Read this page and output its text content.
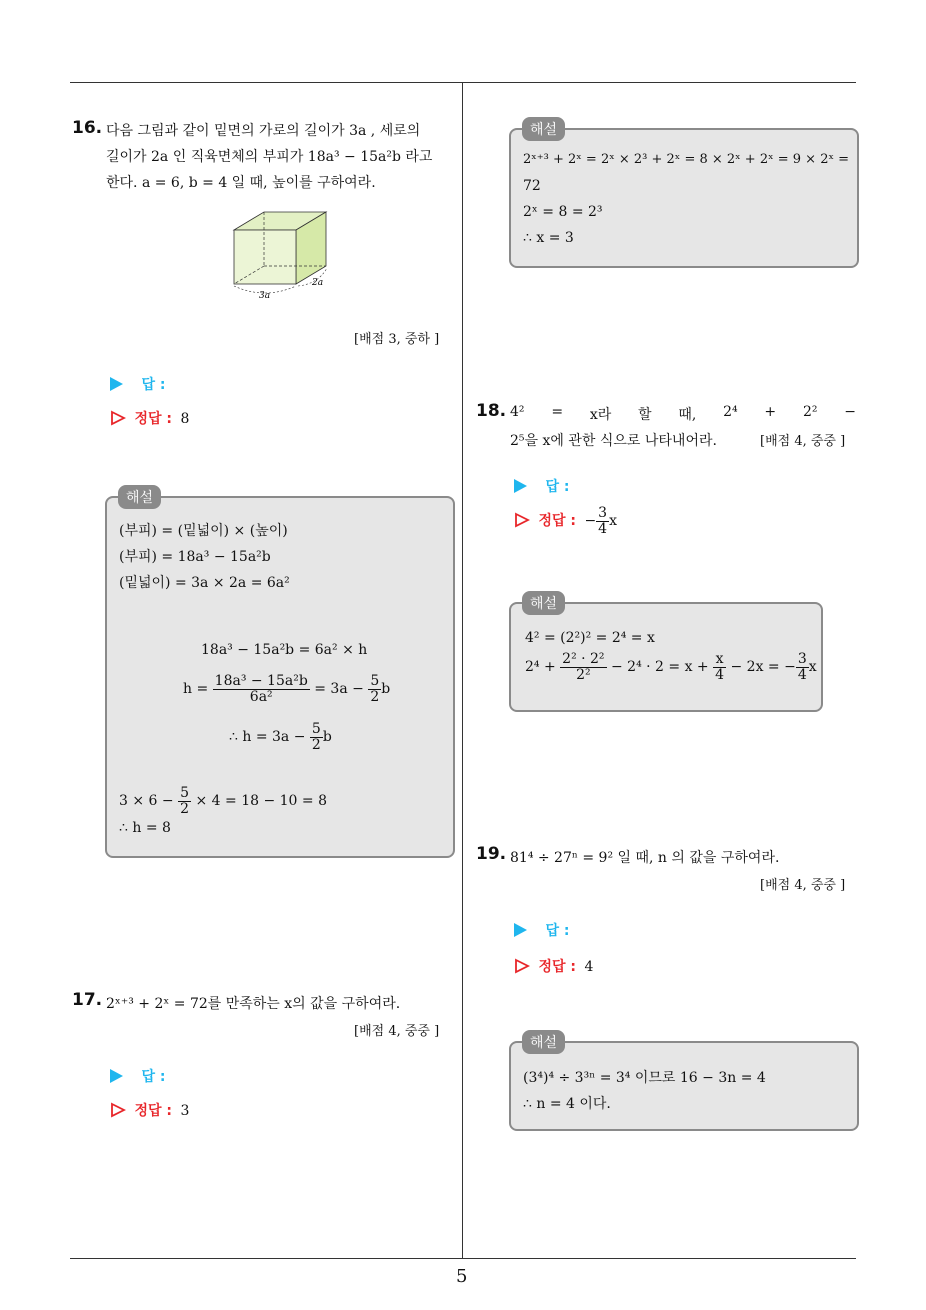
5
16. 다음 그림과 같이 밑면의 가로의 길이가 3a , 세로의
길이가 2a 인 직육면체의 부피가 18a³ − 15a²b 라고
한다. a = 6, b = 4 일 때, 높이를 구하여라.
3a
2a
[배점 3, 중하 ]
답 :
정답 : 8
(부피) = (밑넓이) × (높이)
(부피) = 18a³ − 15a²b
(밑넓이) = 3a × 2a = 6a²
18a³ − 15a²b = 6a² × h
$h = \frac{\text{18a³ − 15a²b}}{\text{6a²}} = 3a - \frac{5}{2}$ b
∴ $h = 3a - \frac{5}{2}$ b
$3 \times 6 - \frac{5}{2} \times 4 = 18 - 10 = 8$
∴ h = 8
해설
17. 2ˣ⁺³ + 2ˣ = 72를 만족하는 x의 값을 구하여라.
[배점 4, 중중 ]
답 :
정답 : 3
2ˣ⁺³ + 2ˣ = 2ˣ × 2³ + 2ˣ = 8 × 2ˣ + 2ˣ = 9 × 2ˣ =
72
2ˣ = 8 = 2³
∴ x = 3
해설
18. 4² = x라 할 때, 2⁴ + 2² −
2⁵을 x에 관한 식으로 나타내어라.	[배점 4, 중중 ]
답 :
정답 : − $\frac{3}{4}$ x
4² = (2²)² = 2⁴ = x
$2^4 + \frac{\text{2² · 2²}}{\text{2²}} - 2^4 \cdot 2 = x + \frac{x}{4} - 2x$ = − $\frac{3}{4}$ x
해설
19. 81⁴ ÷ 27ⁿ = 9² 일 때, n 의 값을 구하여라.
[배점 4, 중중 ]
답 :
정답 : 4
(3⁴)⁴ ÷ 3³ⁿ = 3⁴ 이므로 16 − 3n = 4
∴ n = 4 이다.
해설
